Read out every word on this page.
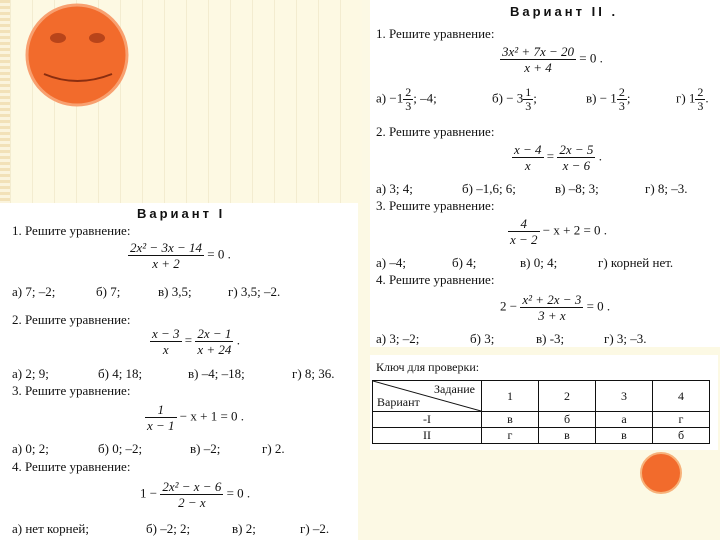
Вариант I
1. Решите уравнение:
$\frac{\text{2x² − 3x − 14}}{x + 2} = 0$ .
а) 7; –2;	б) 7;	в) 3,5;	г) 3,5; –2.
2. Решите уравнение:
$\frac{x - 3}{x} = \frac{2x - 1}{x + 24}$ .
а) 2; 9;	б) 4; 18;	в) –4; –18;	г) 8; 36.
3. Решите уравнение:
$\frac{1}{x - 1} - x + 1 = 0$ .
а) 0; 2;	б) 0; –2;	в) –2;	г) 2.
4. Решите уравнение:
$1 - \frac{\text{2x² − x − 6}}{2 - x} = 0$ .
а) нет корней;	б) –2; 2;	в) 2;	г) –2.
Вариант II .
1. Решите уравнение:
$\frac{\text{3x² + 7x − 20}}{x + 4} = 0$ .
$а) -1 \frac{2}{3}$ ; –4;	$б) - 3 \frac{1}{3}$ ;	$в) - 1 \frac{2}{3}$ ;	г) $1 \frac{2}{3}$ .
2. Решите уравнение:
$\frac{x - 4}{x} = \frac{2x - 5}{x - 6}$ .
а) 3; 4;	б) –1,6; 6;	в) –8; 3;	г) 8; –3.
3. Решите уравнение:
$\frac{4}{x - 2} - x + 2 = 0$ .
а) –4;	б) 4;	в) 0; 4;	г) корней нет.
4. Решите уравнение:
$2 - \frac{\text{x² + 2x − 3}}{3 + x} = 0$ .
а) 3; –2;	б) 3;	в) -3;	г) 3; –3.
Ключ для проверки:
Задание
Вариант	1	2	3	4
-I	в	б	а	г
II	г	в	в	б
